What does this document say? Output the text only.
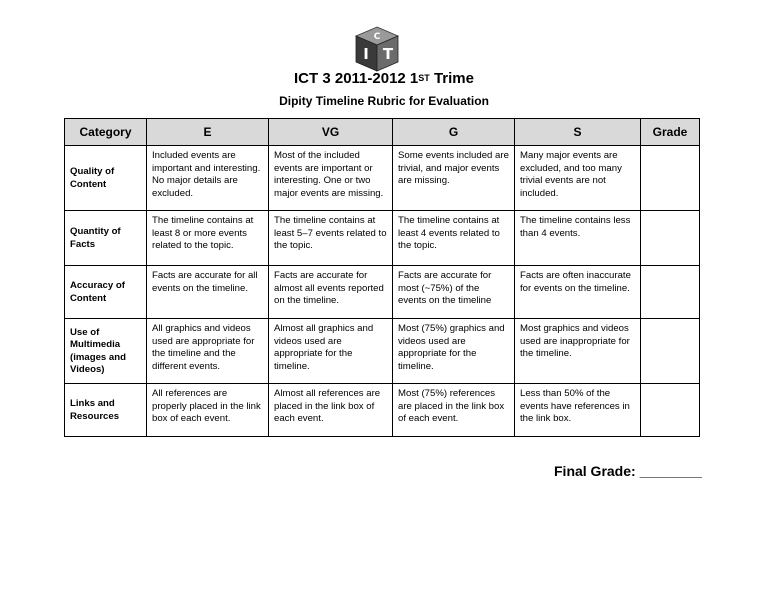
I
C
T
ICT 3 2011-2012 1ST Trime
Dipity Timeline Rubric for Evaluation
Category	E	VG	G	S	Grade
Quality of Content	Included events are important and interesting. No major details are excluded.	Most of the included events are important or interesting. One or two major events are missing.	Some events included are trivial, and major events are missing.	Many major events are excluded, and too many trivial events are not included.	
Quantity of Facts	The timeline contains at least 8 or more events related to the topic.	The timeline contains at least 5–7 events related to the topic.	The timeline contains at least 4 events related to the topic.	The timeline contains less than 4 events.	
Accuracy of Content	Facts are accurate for all events on the timeline.	Facts are accurate for almost all events reported on the timeline.	Facts are accurate for most (~75%) of the events on the timeline	Facts are often inaccurate for events on the timeline.	
Use of Multimedia (images and Videos)	All graphics and videos used are appropriate for the timeline and the different events.	Almost all graphics and videos used are appropriate for the timeline.	Most (75%) graphics and videos used are appropriate for the timeline.	Most graphics and videos used are inappropriate for the timeline.	
Links and Resources	All references are properly placed in the link box of each event.	Almost all references are placed in the link box of each event.	Most (75%) references are placed in the link box of each event.	Less than 50% of the events have references in the link box.	
Final Grade: ________
